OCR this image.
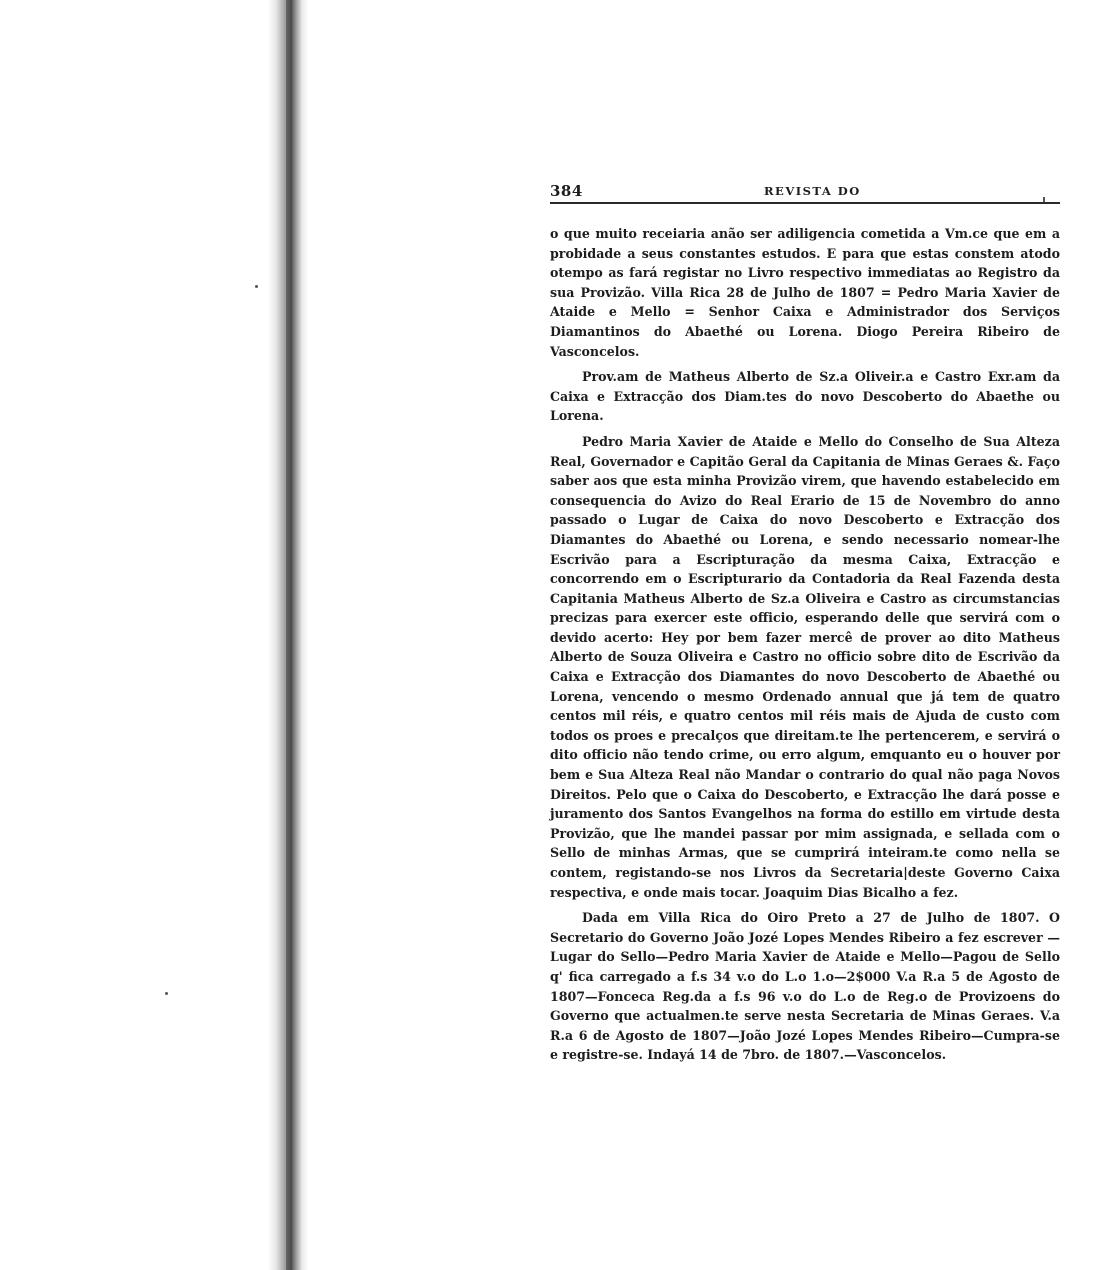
384	REVISTA DO

o que muito receiaria anão ser adiligencia cometida a Vm.ce que em a probidade a seus constantes estudos. E para que estas constem atodo otempo as fará registar no Livro respectivo immediatas ao Registro da sua Provizão. Villa Rica 28 de Julho de 1807 = Pedro Maria Xavier de Ataide e Mello = Senhor Caixa e Administrador dos Serviços Diamantinos do Abaethé ou Lorena. Diogo Pereira Ribeiro de Vasconcelos.

Prov.am de Matheus Alberto de Sz.a Oliveir.a e Castro Exr.am da Caixa e Extracção dos Diam.tes do novo Descoberto do Abaethe ou Lorena.

Pedro Maria Xavier de Ataide e Mello do Conselho de Sua Alteza Real, Governador e Capitão Geral da Capitania de Minas Geraes &. Faço saber aos que esta minha Provizão virem, que havendo estabelecido em consequencia do Avizo do Real Erario de 15 de Novembro do anno passado o Lugar de Caixa do novo Descoberto e Extracção dos Diamantes do Abaethé ou Lorena, e sendo necessario nomear-lhe Escrivão para a Escripturação da mesma Caixa, Extracção e concorrendo em o Escripturario da Contadoria da Real Fazenda desta Capitania Matheus Alberto de Sz.a Oliveira e Castro as circumstancias precizas para exercer este officio, esperando delle que servirá com o devido acerto: Hey por bem fazer mercê de prover ao dito Matheus Alberto de Souza Oliveira e Castro no officio sobre dito de Escrivão da Caixa e Extracção dos Diamantes do novo Descoberto de Abaethé ou Lorena, vencendo o mesmo Ordenado annual que já tem de quatro centos mil réis, e quatro centos mil réis mais de Ajuda de custo com todos os proes e precalços que direitam.te lhe pertencerem, e servirá o dito officio não tendo crime, ou erro algum, emquanto eu o houver por bem e Sua Alteza Real não Mandar o contrario do qual não paga Novos Direitos. Pelo que o Caixa do Descoberto, e Extracção lhe dará posse e juramento dos Santos Evangelhos na forma do estillo em virtude desta Provizão, que lhe mandei passar por mim assignada, e sellada com o Sello de minhas Armas, que se cumprirá inteiram.te como nella se contem, registando-se nos Livros da Secretaria|deste Governo Caixa respectiva, e onde mais tocar. Joaquim Dias Bicalho a fez.

Dada em Villa Rica do Oiro Preto a 27 de Julho de 1807. O Secretario do Governo João Jozé Lopes Mendes Ribeiro a fez escrever —Lugar do Sello—Pedro Maria Xavier de Ataide e Mello—Pagou de Sello q' fica carregado a f.s 34 v.o do L.o 1.o—2$000 V.a R.a 5 de Agosto de 1807—Fonceca Reg.da a f.s 96 v.o do L.o de Reg.o de Provizoens do Governo que actualmen.te serve nesta Secretaria de Minas Geraes. V.a R.a 6 de Agosto de 1807—João Jozé Lopes Mendes Ribeiro—Cumpra-se e registre-se. Indayá 14 de 7bro. de 1807.—Vasconcelos.
